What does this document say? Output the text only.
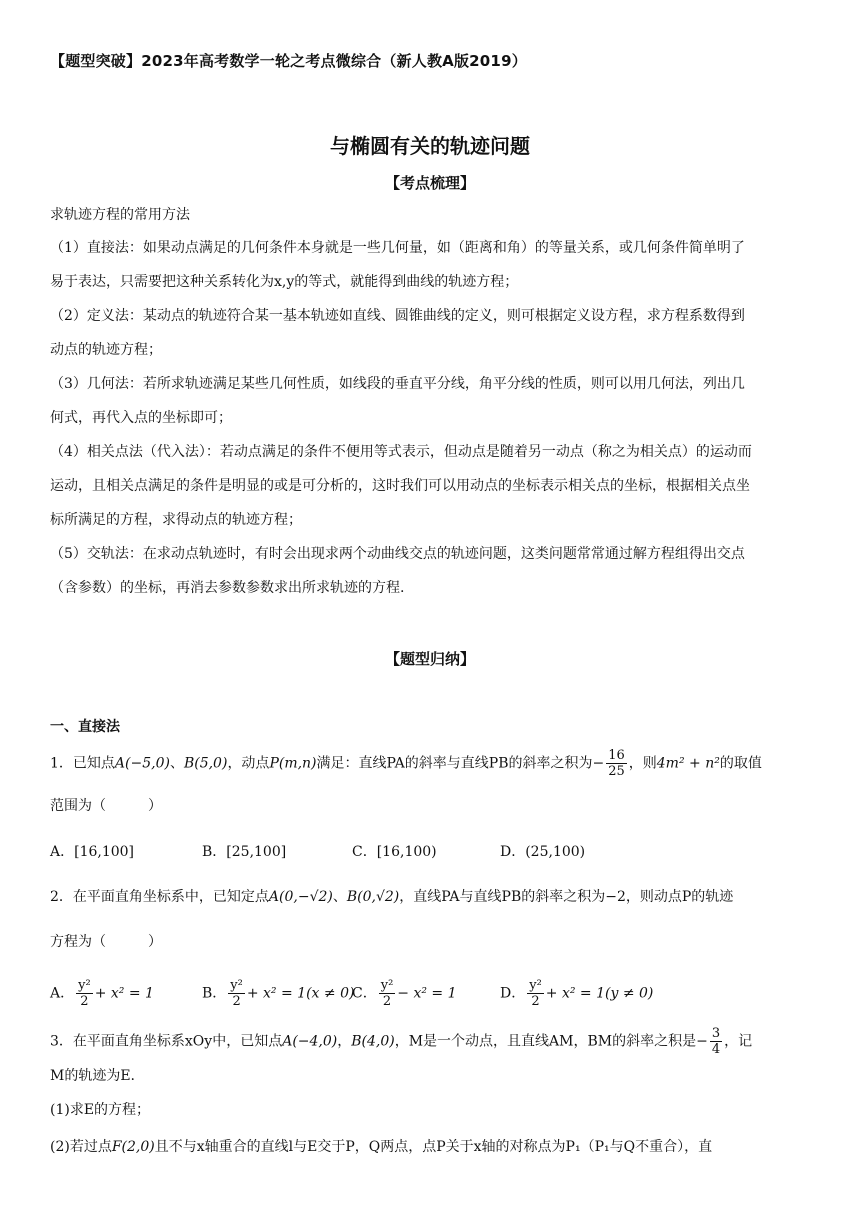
【题型突破】2023年高考数学一轮之考点微综合（新人教A版2019）
与椭圆有关的轨迹问题
【考点梳理】
求轨迹方程的常用方法
（1）直接法：如果动点满足的几何条件本身就是一些几何量，如（距离和角）的等量关系，或几何条件简单明了
易于表达，只需要把这种关系转化为x,y的等式，就能得到曲线的轨迹方程；
（2）定义法：某动点的轨迹符合某一基本轨迹如直线、圆锥曲线的定义，则可根据定义设方程，求方程系数得到
动点的轨迹方程；
（3）几何法：若所求轨迹满足某些几何性质，如线段的垂直平分线，角平分线的性质，则可以用几何法，列出几
何式，再代入点的坐标即可；
（4）相关点法（代入法）：若动点满足的条件不便用等式表示，但动点是随着另一动点（称之为相关点）的运动而
运动，且相关点满足的条件是明显的或是可分析的，这时我们可以用动点的坐标表示相关点的坐标，根据相关点坐
标所满足的方程，求得动点的轨迹方程；
（5）交轨法：在求动点轨迹时，有时会出现求两个动曲线交点的轨迹问题，这类问题常常通过解方程组得出交点
（含参数）的坐标，再消去参数参数求出所求轨迹的方程.
【题型归纳】
一、直接法
1．已知点A(−5,0)、B(5,0)，动点P(m,n)满足：直线PA的斜率与直线PB的斜率之积为− $\frac{16}{25}$ ，则4m² + n²的取值
范围为（　　　）
A．[16,100]	B．[25,100]	C．[16,100)	D．(25,100)
2．在平面直角坐标系中，已知定点A(0,−√2)、B(0,√2)，直线PA与直线PB的斜率之积为−2，则动点P的轨迹
方程为（　　　）
A． $\frac{\text{y²}}{2} + x^2 = 1$	B． $\frac{\text{y²}}{2} + x^2 = 1(x \ne 0)$
C． $\frac{\text{y²}}{2} - x^2 = 1$	D． $\frac{\text{y²}}{2} + x^2 = 1(y \ne 0)$
3．在平面直角坐标系xOy中，已知点A(−4,0)，B(4,0)，M是一个动点，且直线AM，BM的斜率之积是− $\frac{3}{4}$ ，记
M的轨迹为E.
(1)求E的方程；
(2)若过点F(2,0)且不与x轴重合的直线l与E交于P，Q两点，点P关于x轴的对称点为P₁（P₁与Q不重合），直
